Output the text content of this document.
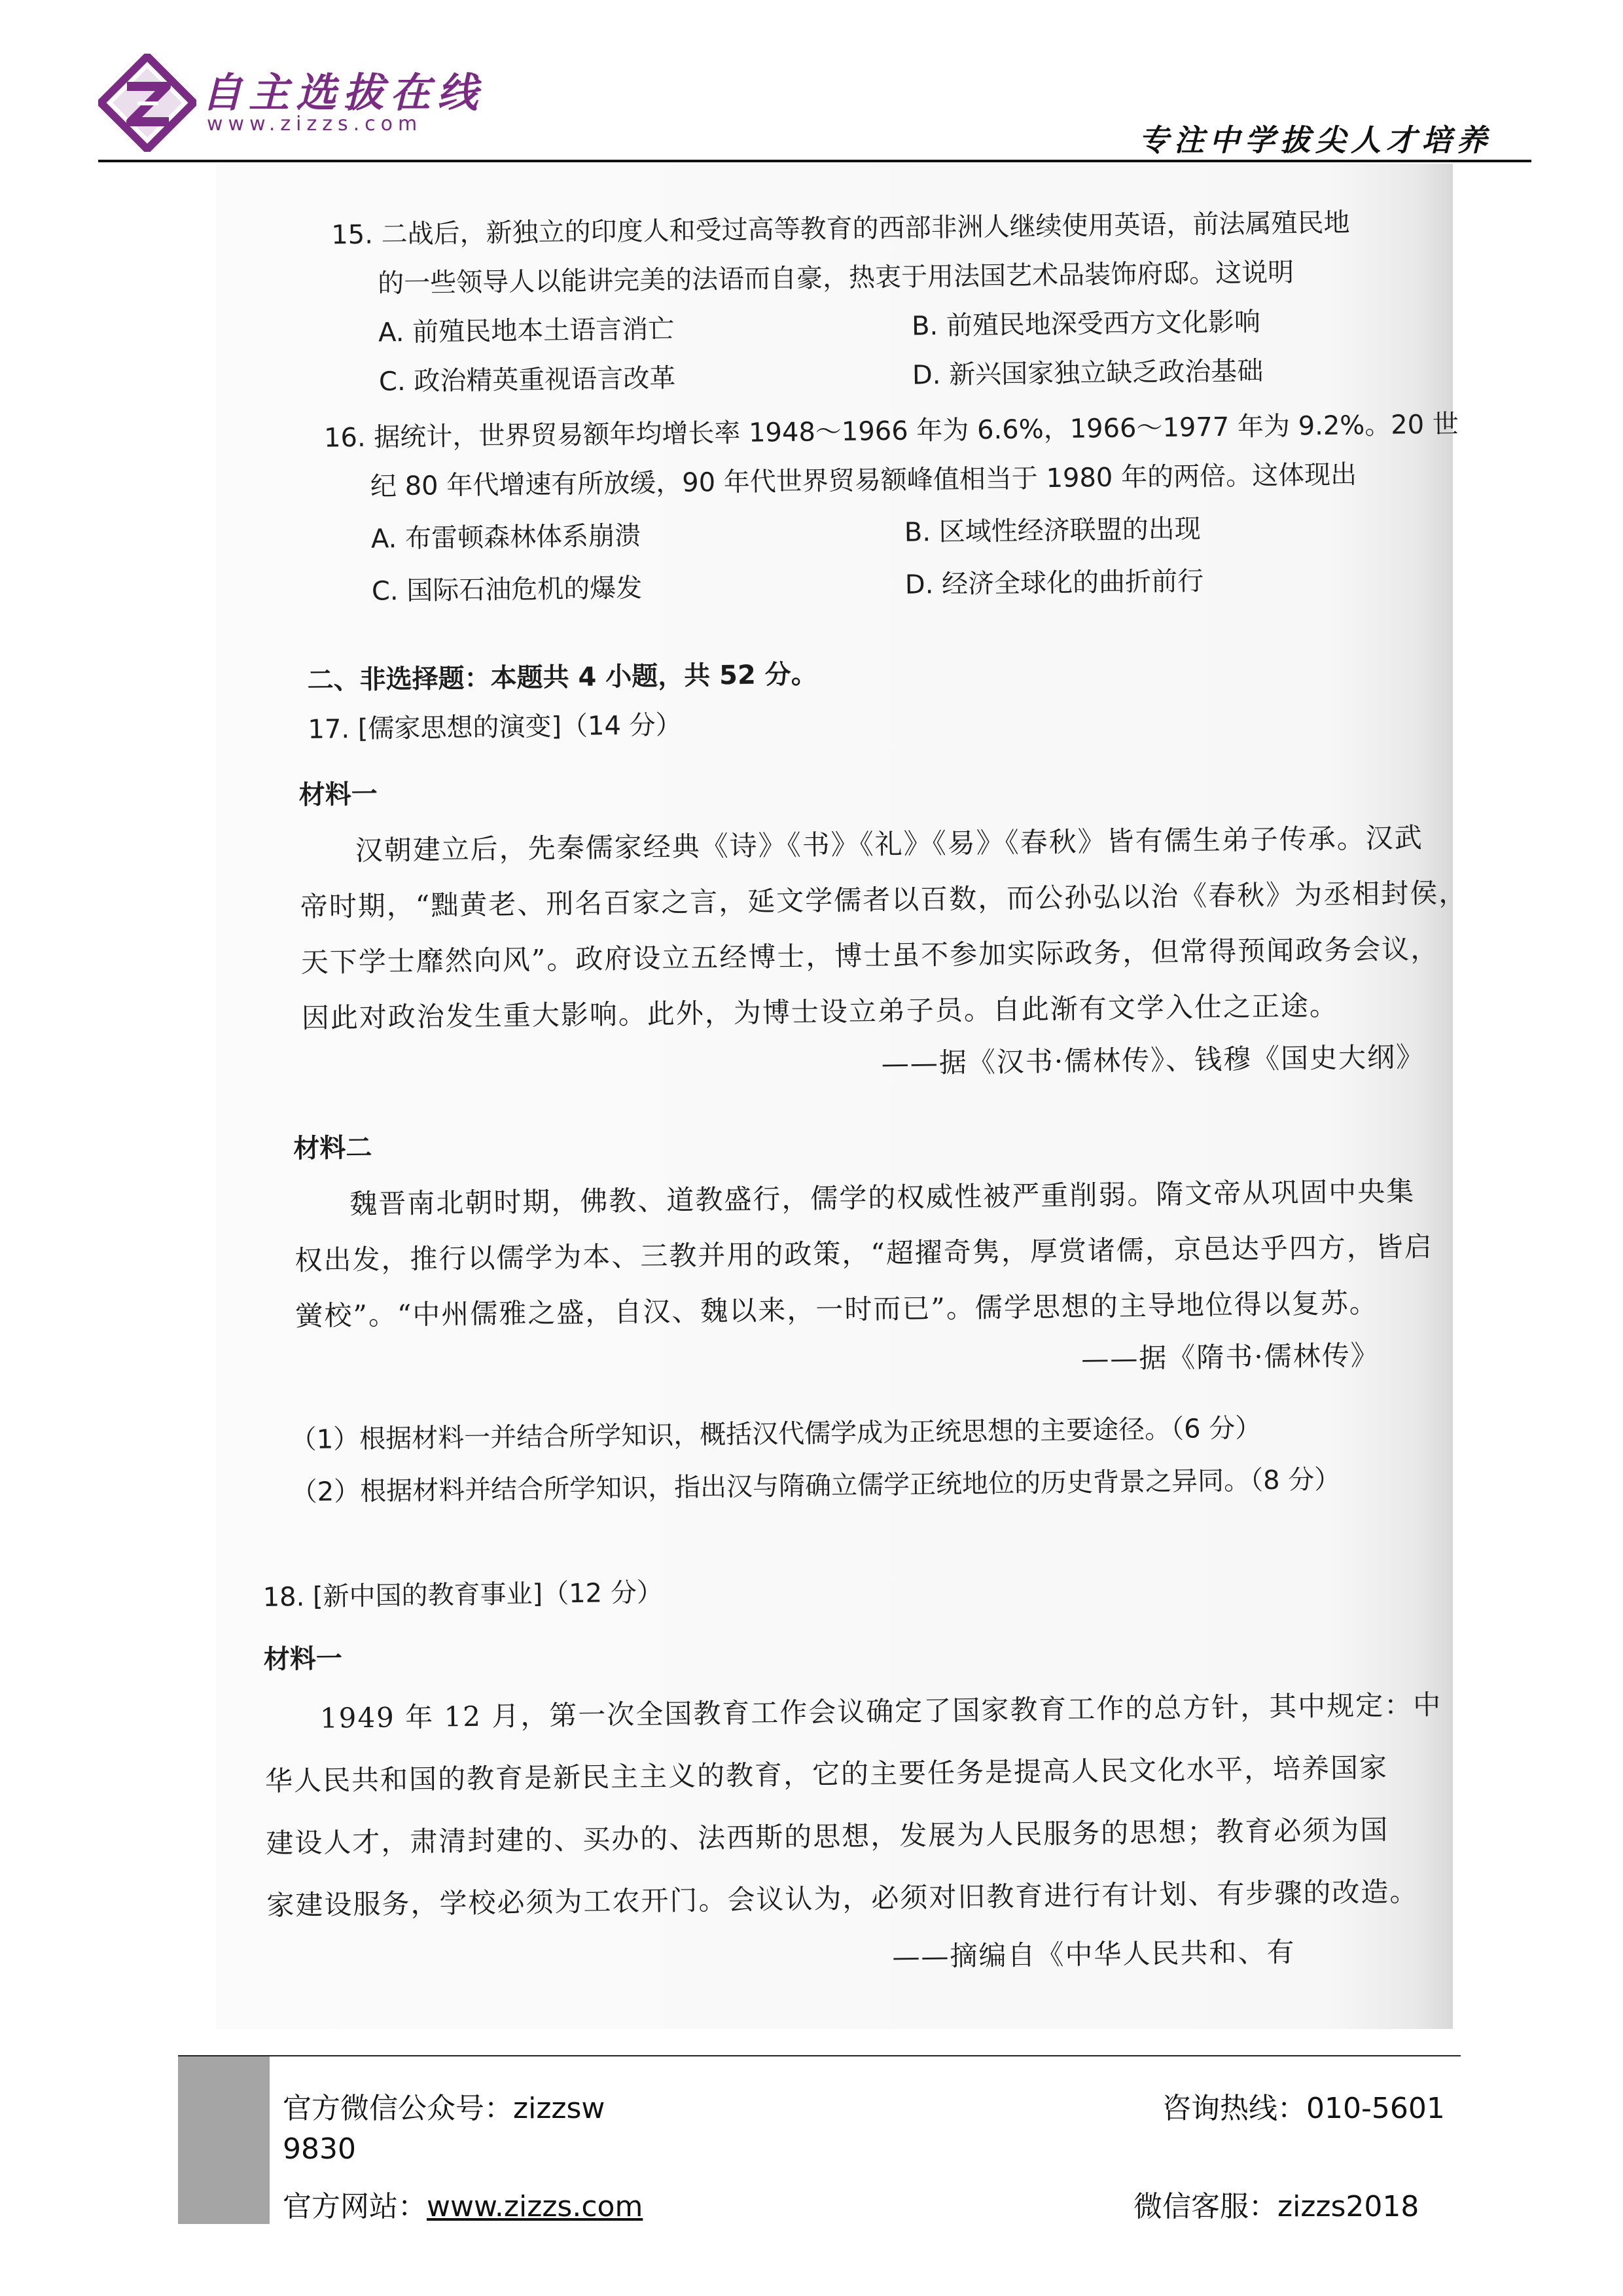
自主选拔在线
www.zizzs.com	专注中学拔尖人才培养
15. 二战后，新独立的印度人和受过高等教育的西部非洲人继续使用英语，前法属殖民地
的一些领导人以能讲完美的法语而自豪，热衷于用法国艺术品装饰府邸。这说明
A. 前殖民地本土语言消亡	B. 前殖民地深受西方文化影响
C. 政治精英重视语言改革	D. 新兴国家独立缺乏政治基础
16. 据统计，世界贸易额年均增长率 1948～1966 年为 6.6%，1966～1977 年为 9.2%。20 世
纪 80 年代增速有所放缓，90 年代世界贸易额峰值相当于 1980 年的两倍。这体现出
A. 布雷顿森林体系崩溃	B. 区域性经济联盟的出现
C. 国际石油危机的爆发	D. 经济全球化的曲折前行
二、非选择题：本题共 4 小题，共 52 分。
17. [儒家思想的演变]（14 分）
材料一
汉朝建立后，先秦儒家经典《诗》《书》《礼》《易》《春秋》皆有儒生弟子传承。汉武
帝时期，“黜黄老、刑名百家之言，延文学儒者以百数，而公孙弘以治《春秋》为丞相封侯，
天下学士靡然向风”。政府设立五经博士，博士虽不参加实际政务，但常得预闻政务会议，
因此对政治发生重大影响。此外，为博士设立弟子员。自此渐有文学入仕之正途。
——据《汉书·儒林传》、钱穆《国史大纲》
材料二
魏晋南北朝时期，佛教、道教盛行，儒学的权威性被严重削弱。隋文帝从巩固中央集
权出发，推行以儒学为本、三教并用的政策，“超擢奇隽，厚赏诸儒，京邑达乎四方，皆启
黉校”。“中州儒雅之盛，自汉、魏以来，一时而已”。儒学思想的主导地位得以复苏。
——据《隋书·儒林传》
（1）根据材料一并结合所学知识，概括汉代儒学成为正统思想的主要途径。（6 分）
（2）根据材料并结合所学知识，指出汉与隋确立儒学正统地位的历史背景之异同。（8 分）
18. [新中国的教育事业]（12 分）
材料一
1949 年 12 月，第一次全国教育工作会议确定了国家教育工作的总方针，其中规定：中
华人民共和国的教育是新民主主义的教育，它的主要任务是提高人民文化水平，培养国家
建设人才，肃清封建的、买办的、法西斯的思想，发展为人民服务的思想；教育必须为国
家建设服务，学校必须为工农开门。会议认为，必须对旧教育进行有计划、有步骤的改造。
——摘编自《中华人民共和、有
官方微信公众号：zizzsw
9830
咨询热线：010-5601
官方网站：www.zizzs.com	微信客服：zizzs2018
